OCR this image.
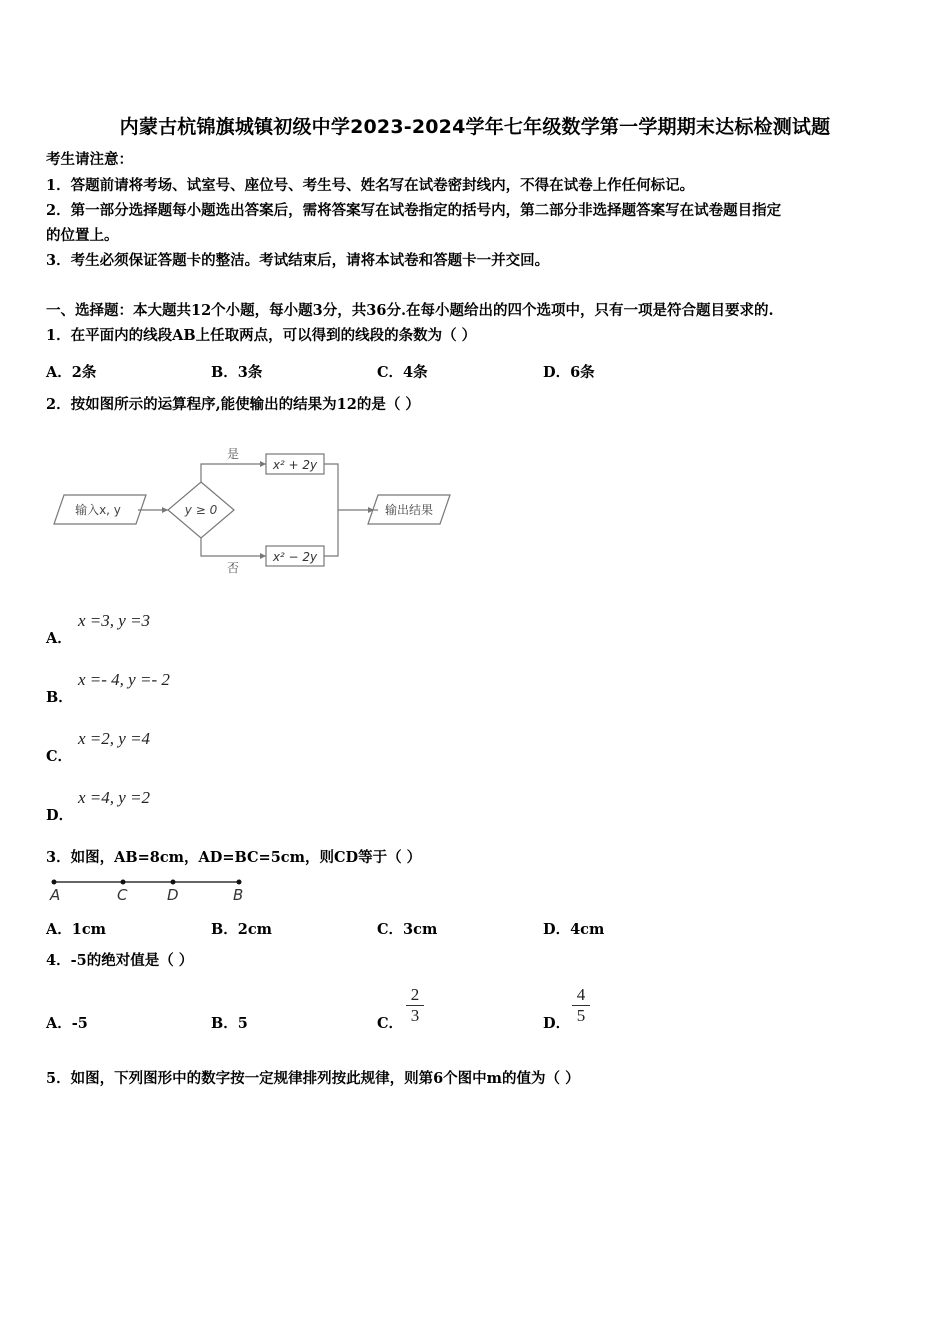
内蒙古杭锦旗城镇初级中学2023-2024学年七年级数学第一学期期末达标检测试题
考生请注意：
1．答题前请将考场、试室号、座位号、考生号、姓名写在试卷密封线内，不得在试卷上作任何标记。
2．第一部分选择题每小题选出答案后，需将答案写在试卷指定的括号内，第二部分非选择题答案写在试卷题目指定
的位置上。
3．考生必须保证答题卡的整洁。考试结束后，请将本试卷和答题卡一并交回。
一、选择题：本大题共12个小题，每小题3分，共36分.在每小题给出的四个选项中，只有一项是符合题目要求的.
1．在平面内的线段AB上任取两点，可以得到的线段的条数为（ ）
A．2条	B．3条	C．4条	D．6条
2．按如图所示的运算程序,能使输出的结果为12的是（ ）
输入x, y	y ≥ 0
是
否
x² + 2y
x² − 2y
输出结果
A．
x =3, y =3
B．
x =- 4, y =- 2
C．
x =2, y =4
D．
x =4, y =2
3．如图，AB=8cm，AD=BC=5cm，则CD等于（ ）
A	C	D	B
A．1cm	B．2cm	C．3cm	D．4cm
4．-5的绝对值是（ ）
A．-5	B．5	C． $\frac{2}{3}$	D． $\frac{4}{5}$
5．如图，下列图形中的数字按一定规律排列按此规律，则第6个图中m的值为（ ）
